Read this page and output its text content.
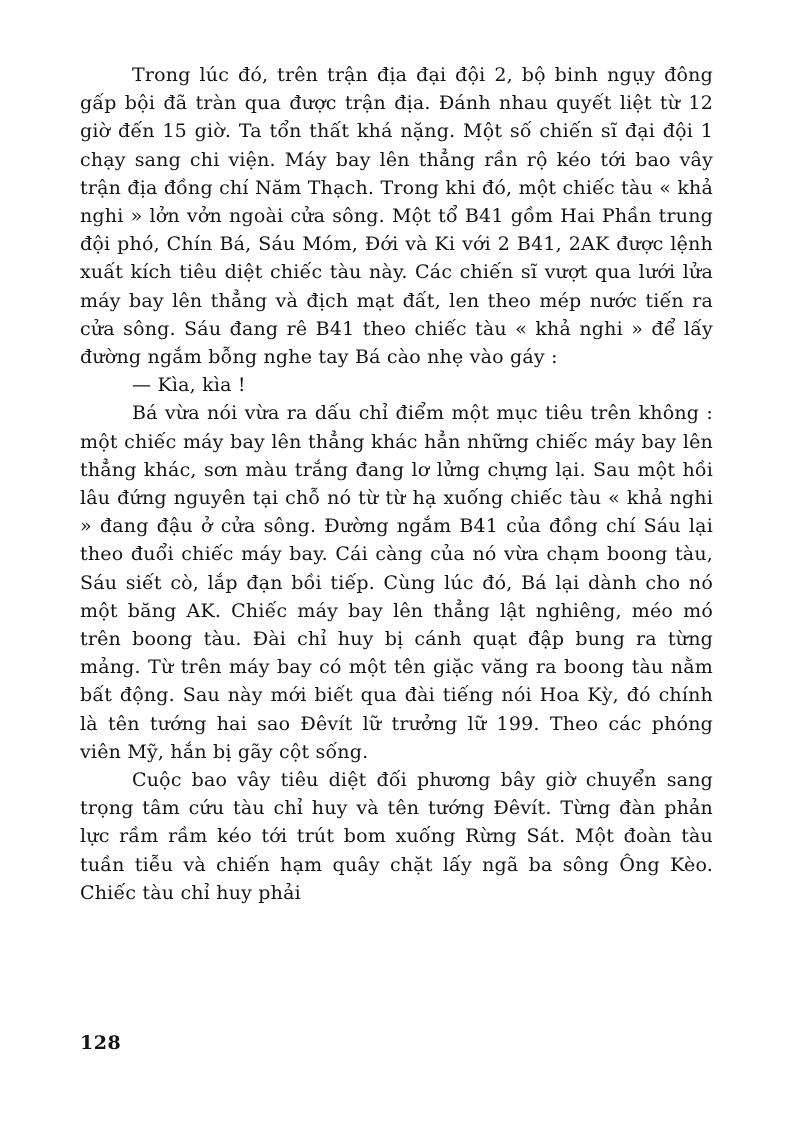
Trong lúc đó, trên trận địa đại đội 2, bộ binh ngụy đông gấp bội đã tràn qua được trận địa. Đánh nhau quyết liệt từ 12 giờ đến 15 giờ. Ta tổn thất khá nặng. Một số chiến sĩ đại đội 1 chạy sang chi viện. Máy bay lên thẳng rần rộ kéo tới bao vây trận địa đồng chí Năm Thạch. Trong khi đó, một chiếc tàu « khả nghi » lởn vởn ngoài cửa sông. Một tổ B41 gồm Hai Phần trung đội phó, Chín Bá, Sáu Móm, Đới và Ki với 2 B41, 2AK được lệnh xuất kích tiêu diệt chiếc tàu này. Các chiến sĩ vượt qua lưới lửa máy bay lên thẳng và địch mạt đất, len theo mép nước tiến ra cửa sông. Sáu đang rê B41 theo chiếc tàu « khả nghi » để lấy đường ngắm bỗng nghe tay Bá cào nhẹ vào gáy :

— Kìa, kìa !

Bá vừa nói vừa ra dấu chỉ điểm một mục tiêu trên không : một chiếc máy bay lên thẳng khác hẳn những chiếc máy bay lên thẳng khác, sơn màu trắng đang lơ lửng chựng lại. Sau một hồi lâu đứng nguyên tại chỗ nó từ từ hạ xuống chiếc tàu « khả nghi » đang đậu ở cửa sông. Đường ngắm B41 của đồng chí Sáu lại theo đuổi chiếc máy bay. Cái càng của nó vừa chạm boong tàu, Sáu siết cò, lắp đạn bồi tiếp. Cùng lúc đó, Bá lại dành cho nó một băng AK. Chiếc máy bay lên thẳng lật nghiêng, méo mó trên boong tàu. Đài chỉ huy bị cánh quạt đập bung ra từng mảng. Từ trên máy bay có một tên giặc văng ra boong tàu nằm bất động. Sau này mới biết qua đài tiếng nói Hoa Kỳ, đó chính là tên tướng hai sao Đêvít lữ trưởng lữ 199. Theo các phóng viên Mỹ, hắn bị gãy cột sống.

Cuộc bao vây tiêu diệt đối phương bây giờ chuyển sang trọng tâm cứu tàu chỉ huy và tên tướng Đêvít. Từng đàn phản lực rầm rầm kéo tới trút bom xuống Rừng Sát. Một đoàn tàu tuần tiễu và chiến hạm quây chặt lấy ngã ba sông Ông Kèo. Chiếc tàu chỉ huy phải

128
